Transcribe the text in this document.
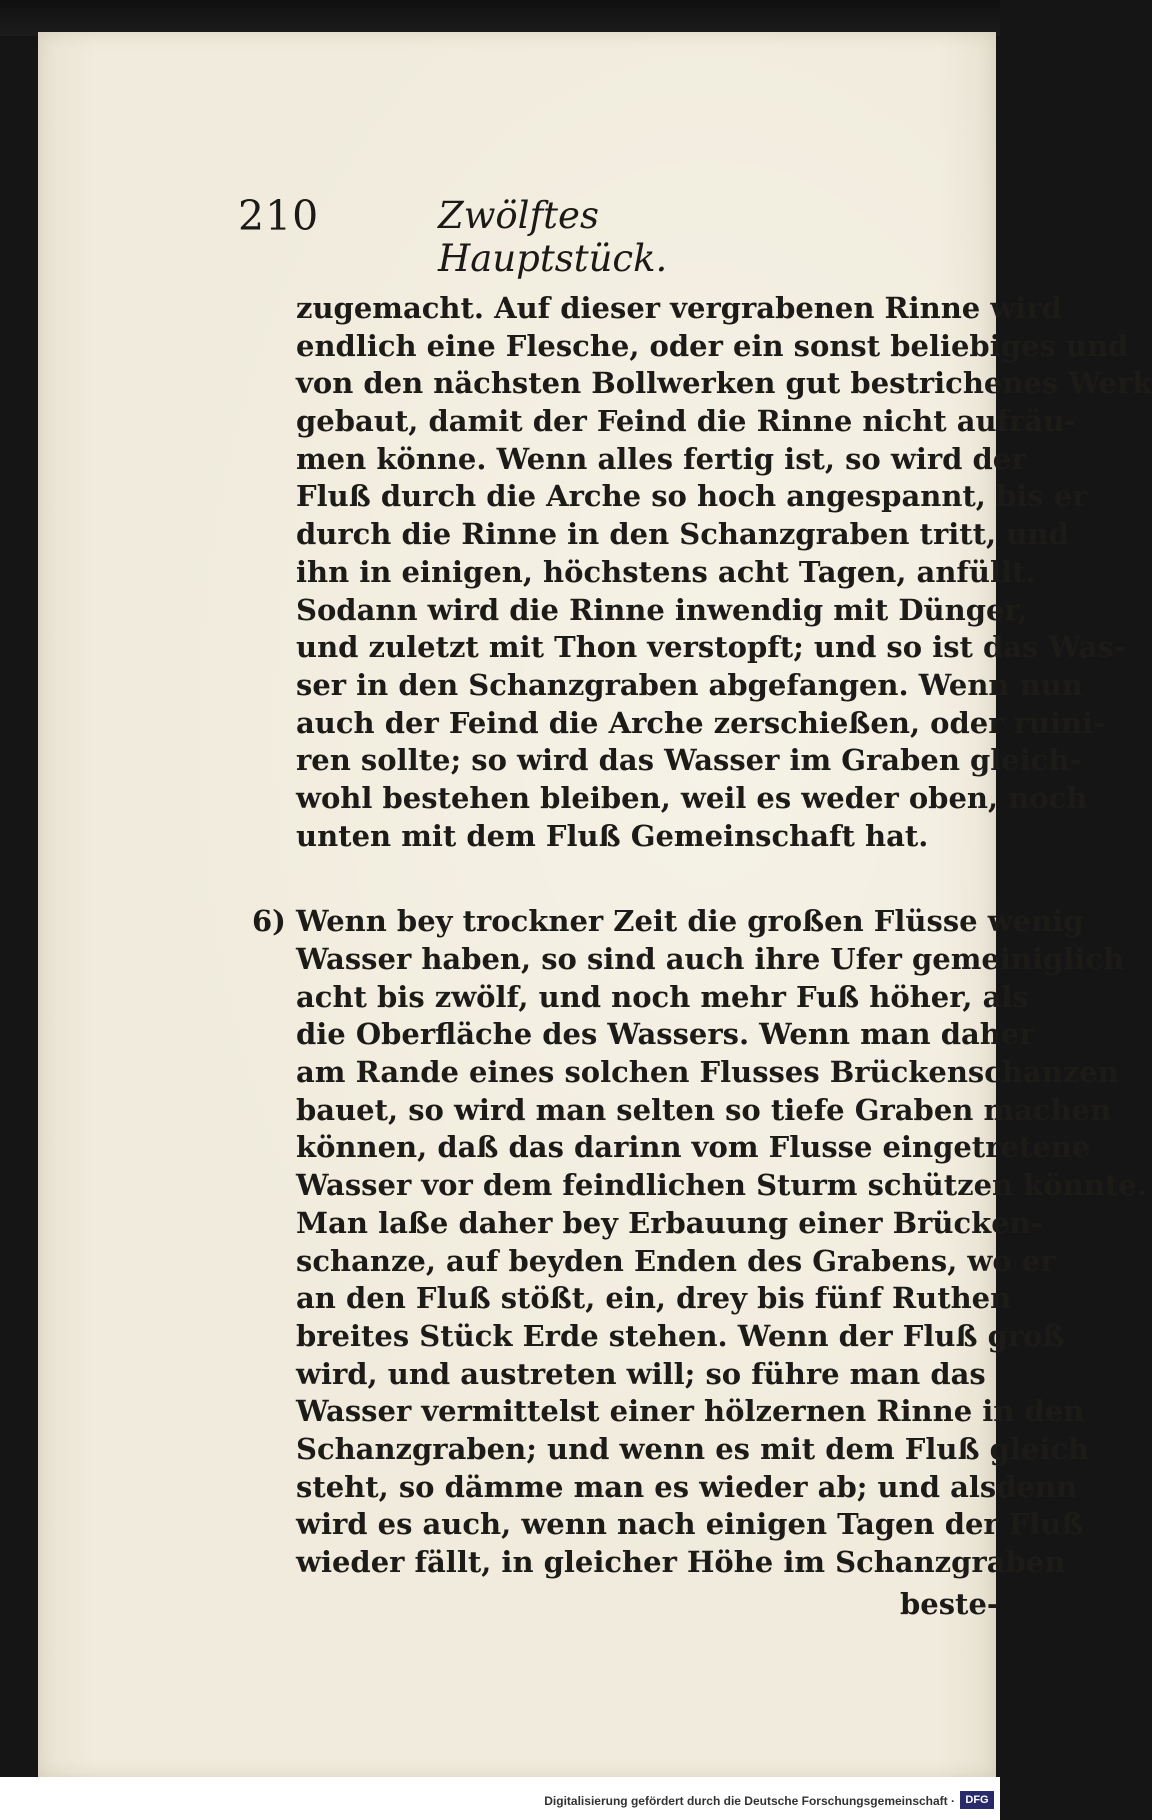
210	Zwölftes Hauptstück.
zugemacht. Auf dieser vergrabenen Rinne wird
endlich eine Flesche, oder ein sonst beliebiges und
von den nächsten Bollwerken gut bestrichenes Werk
gebaut, damit der Feind die Rinne nicht aufräu-
men könne. Wenn alles fertig ist, so wird der
Fluß durch die Arche so hoch angespannt, bis er
durch die Rinne in den Schanzgraben tritt, und
ihn in einigen, höchstens acht Tagen, anfüllt.
Sodann wird die Rinne inwendig mit Dünger,
und zuletzt mit Thon verstopft; und so ist das Was-
ser in den Schanzgraben abgefangen. Wenn nun
auch der Feind die Arche zerschießen, oder ruini-
ren sollte; so wird das Wasser im Graben gleich-
wohl bestehen bleiben, weil es weder oben, noch
unten mit dem Fluß Gemeinschaft hat.
6) Wenn bey trockner Zeit die großen Flüsse wenig
Wasser haben, so sind auch ihre Ufer gemeiniglich
acht bis zwölf, und noch mehr Fuß höher, als
die Oberfläche des Wassers. Wenn man daher
am Rande eines solchen Flusses Brückenschanzen
bauet, so wird man selten so tiefe Graben machen
können, daß das darinn vom Flusse eingetretene
Wasser vor dem feindlichen Sturm schützen könnte.
Man laße daher bey Erbauung einer Brücken-
schanze, auf beyden Enden des Grabens, wo er
an den Fluß stößt, ein, drey bis fünf Ruthen
breites Stück Erde stehen. Wenn der Fluß groß
wird, und austreten will; so führe man das
Wasser vermittelst einer hölzernen Rinne in den
Schanzgraben; und wenn es mit dem Fluß gleich
steht, so dämme man es wieder ab; und alsdenn
wird es auch, wenn nach einigen Tagen der Fluß
wieder fällt, in gleicher Höhe im Schanzgraben
beste-
Digitalisierung gefördert durch die Deutsche Forschungsgemeinschaft · DFG
